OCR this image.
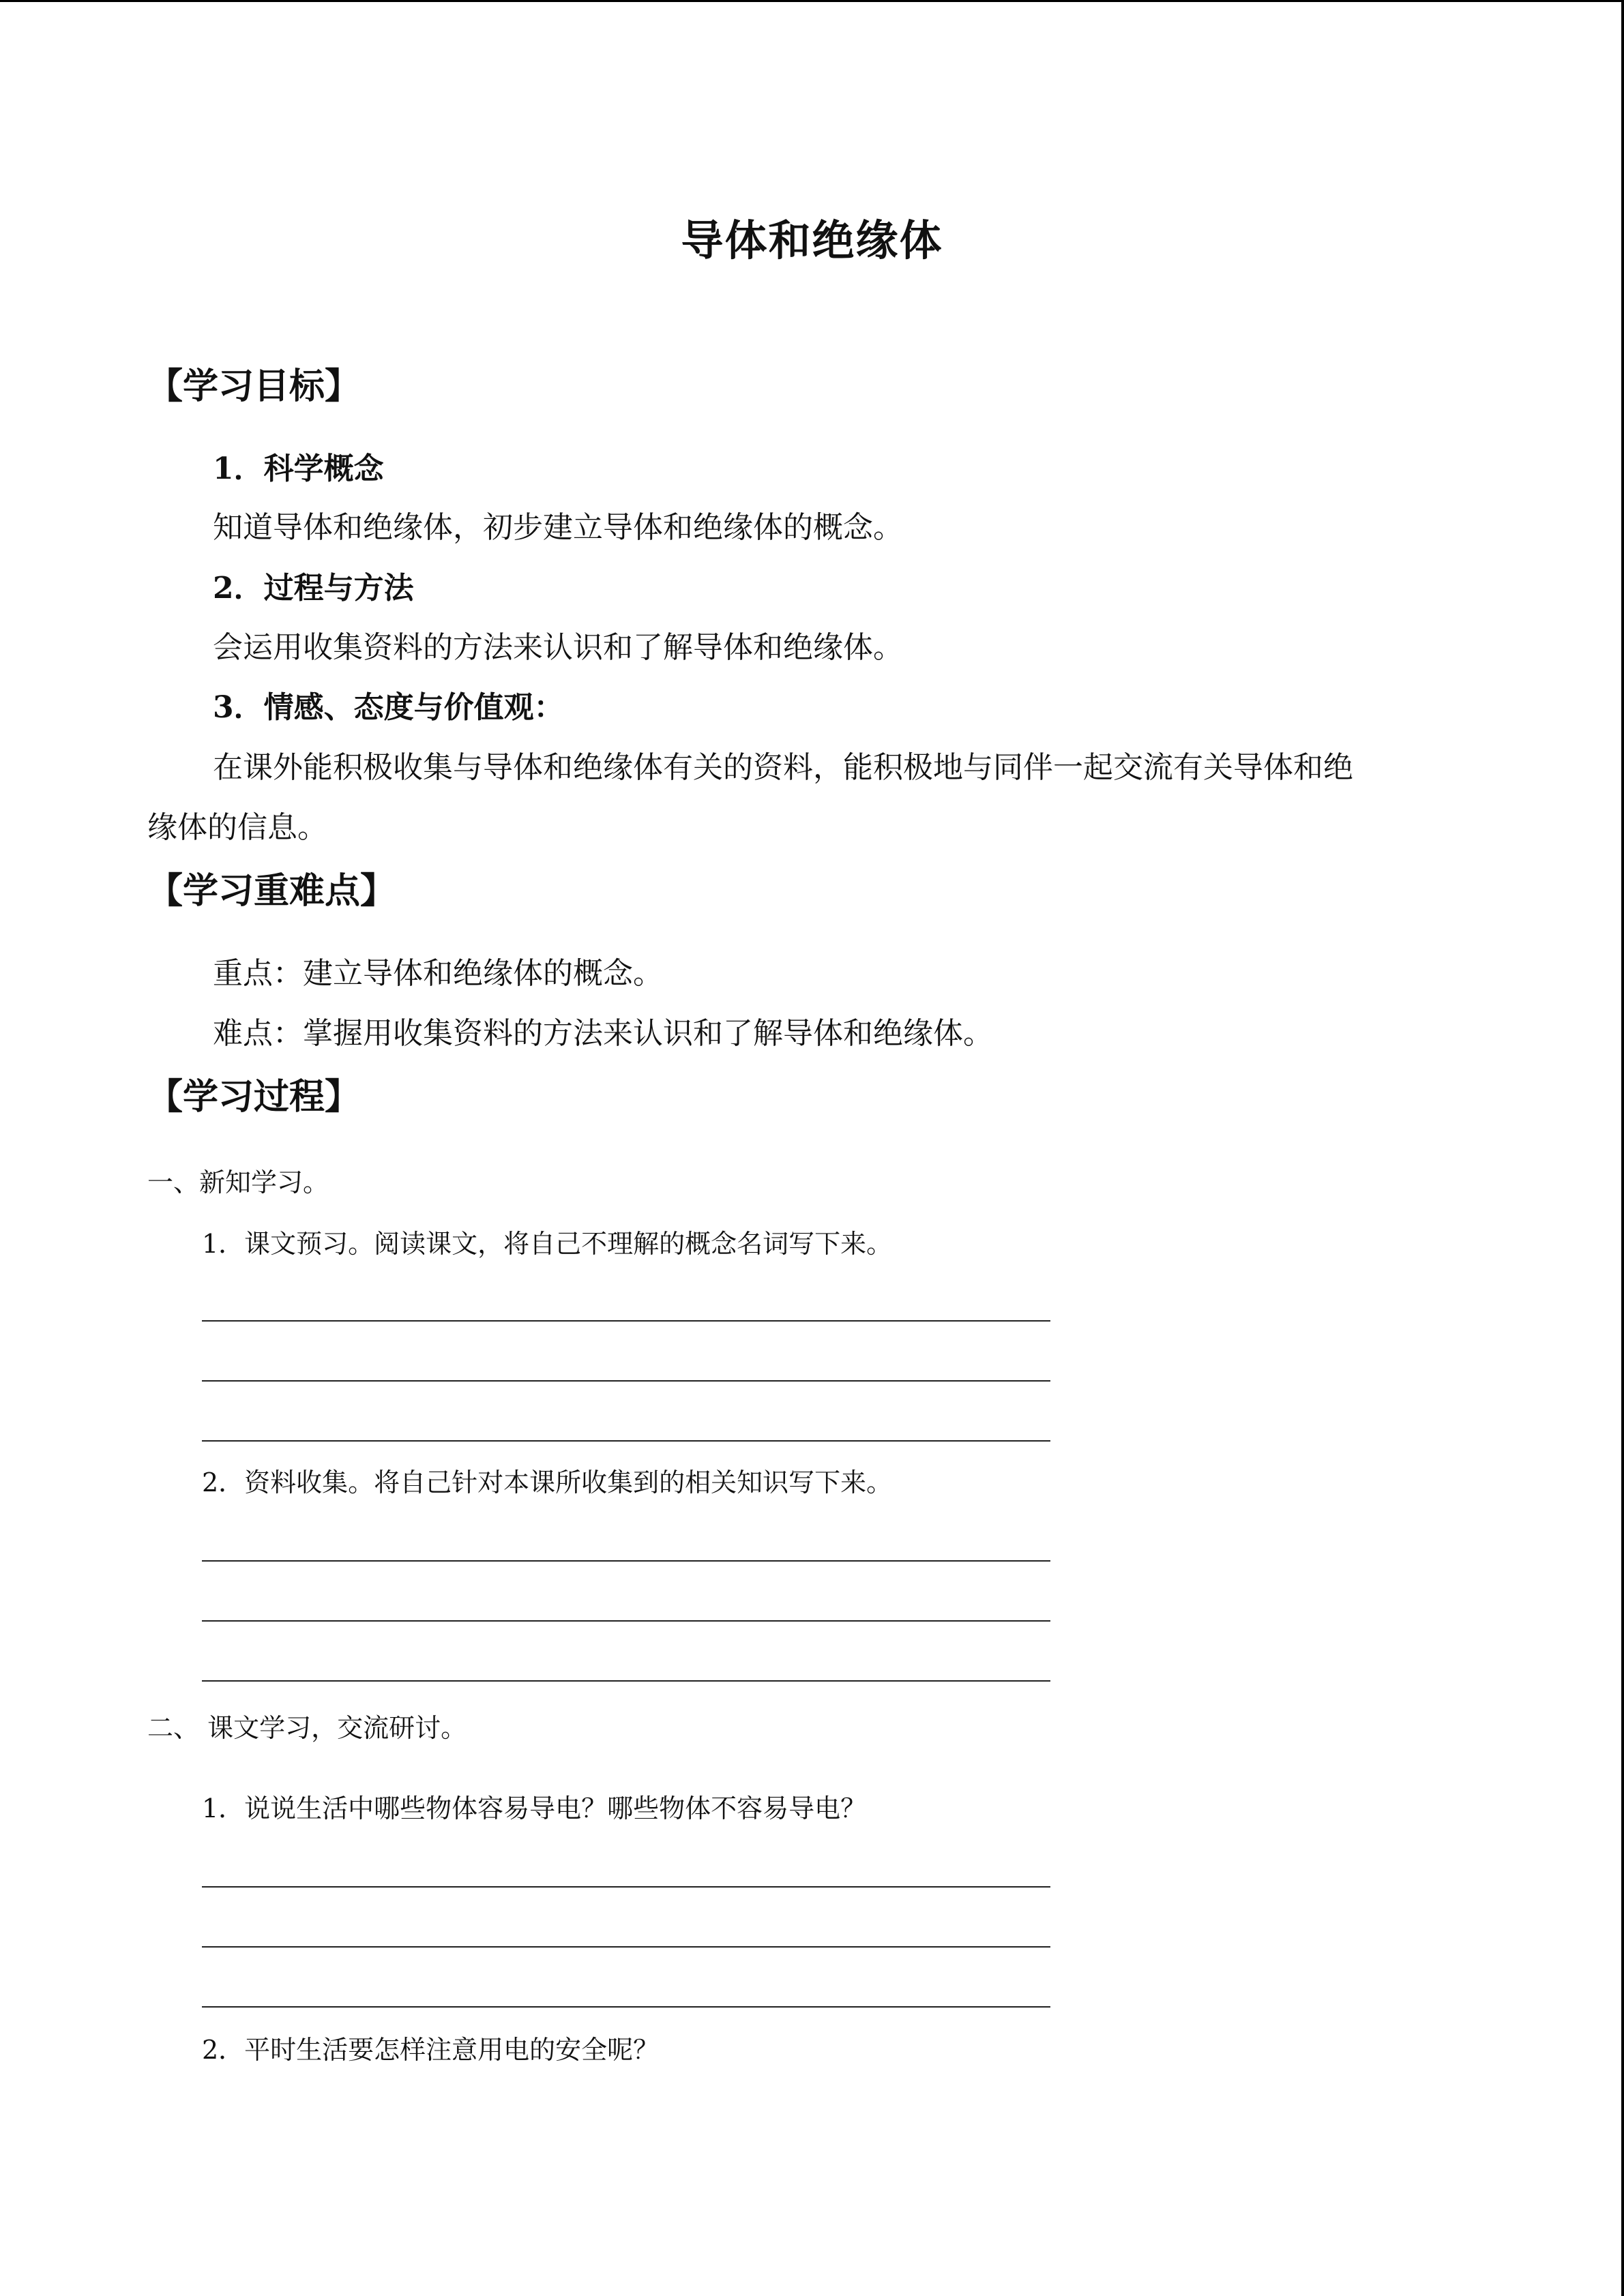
导体和绝缘体
【学习目标】
1．科学概念
知道导体和绝缘体，初步建立导体和绝缘体的概念。
2．过程与方法
会运用收集资料的方法来认识和了解导体和绝缘体。
3．情感、态度与价值观：
在课外能积极收集与导体和绝缘体有关的资料，能积极地与同伴一起交流有关导体和绝
缘体的信息。
【学习重难点】
重点：建立导体和绝缘体的概念。
难点：掌握用收集资料的方法来认识和了解导体和绝缘体。
【学习过程】
一、新知学习。
1．课文预习。阅读课文，将自己不理解的概念名词写下来。
2．资料收集。将自己针对本课所收集到的相关知识写下来。
二、 课文学习，交流研讨。
1．说说生活中哪些物体容易导电？哪些物体不容易导电？
2．平时生活要怎样注意用电的安全呢？
